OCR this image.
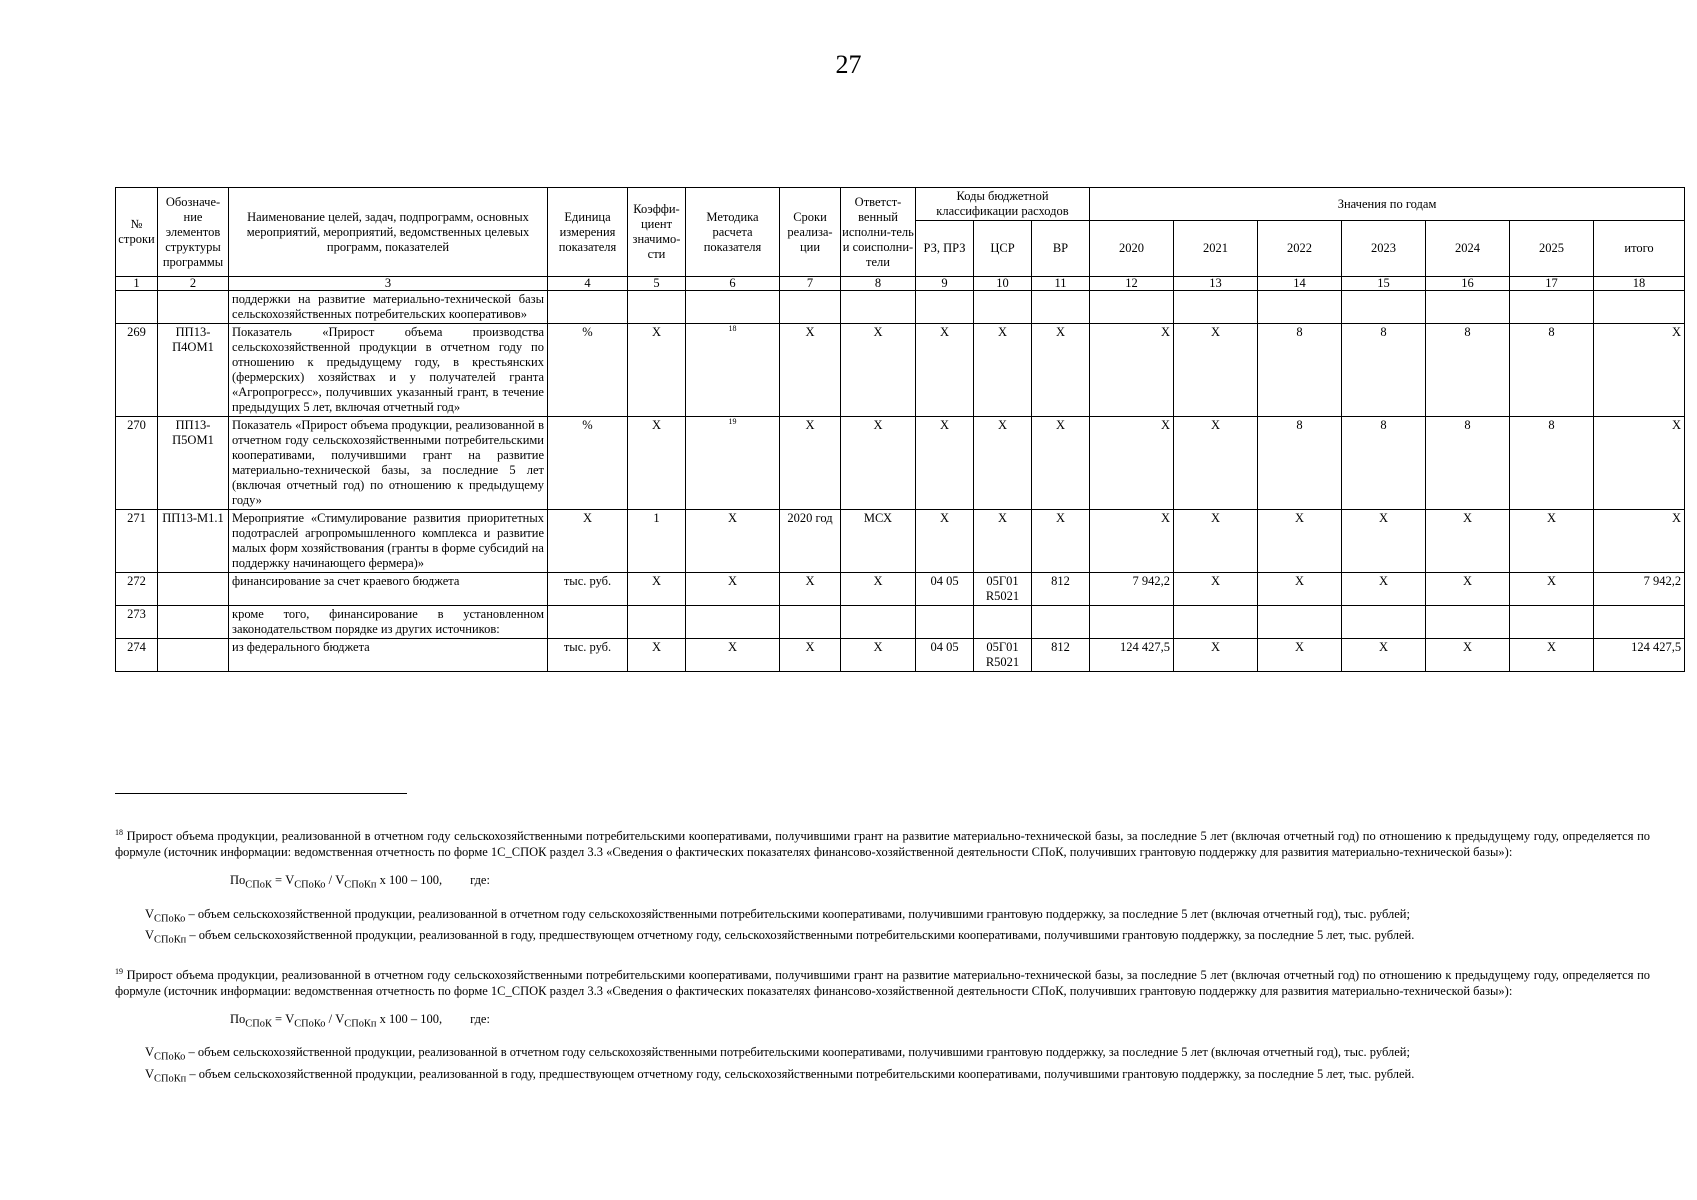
27
№ строки	Обозначе-ние элементов структуры программы	Наименование целей, задач, подпрограмм, основных мероприятий, мероприятий, ведомственных целевых программ, показателей	Единица измерения показателя	Коэффи-циент значимо-сти	Методика расчета показателя	Сроки реализа-ции	Ответст-венный исполни-тель и соисполни-тели	Коды бюджетной классификации расходов			Значения по годам						
								РЗ, ПРЗ	ЦСР	ВР	2020	2021	2022	2023	2024	2025	итого
1	2	3	4	5	6	7	8	9	10	11	12	13	14	15	16	17	18
		поддержки на развитие материально-технической базы сельскохозяйственных потребительских кооперативов»															
269	ПП13-П4ОМ1	Показатель «Прирост объема производства сельскохозяйственной продукции в отчетном году по отношению к предыдущему году, в крестьянских (фермерских) хозяйствах и у получателей гранта «Агропрогресс», получивших указанный грант, в течение предыдущих 5 лет, включая отчетный год»	%	Х	$^{18}$	Х	Х	Х	Х	Х	Х	Х	8	8	8	8	Х
270	ПП13-П5ОМ1	Показатель «Прирост объема продукции, реализованной в отчетном году сельскохозяйственными потребительскими кооперативами, получившими грант на развитие материально-технической базы, за последние 5 лет (включая отчетный год) по отношению к предыдущему году»	%	Х	$^{19}$	Х	Х	Х	Х	Х	Х	Х	8	8	8	8	Х
271	ПП13-М1.1	Мероприятие «Стимулирование развития приоритетных подотраслей агропромышленного комплекса и развитие малых форм хозяйствования (гранты в форме субсидий на поддержку начинающего фермера)»	Х	1	Х	2020 год	МСХ	Х	Х	Х	Х	Х	Х	Х	Х	Х	Х
272		финансирование за счет краевого бюджета	тыс. руб.	Х	Х	Х	Х	04 05	05Г01 R5021	812	7 942,2	Х	Х	Х	Х	Х	7 942,2
273		кроме того, финансирование в установленном законодательством порядке из других источников:															
274		из федерального бюджета	тыс. руб.	Х	Х	Х	Х	04 05	05Г01 R5021	812	124 427,5	Х	Х	Х	Х	Х	124 427,5
$^{18}$ Прирост объема продукции, реализованной в отчетном году сельскохозяйственными потребительскими кооперативами, получившими грант на развитие материально-технической базы, за последние 5 лет (включая отчетный год) по отношению к предыдущему году, определяется по формуле (источник информации: ведомственная отчетность по форме 1С_СПОК раздел 3.3 «Сведения о фактических показателях финансово-хозяйственной деятельности СПоК, получивших грантовую поддержку для развития материально-технической базы»):
$По_{СПоК} = V_{СПоКо} / V_{СПоКп}$ x 100 – 100, где:

$V_{СПоКо}$ – объем сельскохозяйственной продукции, реализованной в отчетном году сельскохозяйственными потребительскими кооперативами, получившими грантовую поддержку, за последние 5 лет (включая отчетный год), тыс. рублей;

$V_{СПоКп}$ – объем сельскохозяйственной продукции, реализованной в году, предшествующем отчетному году, сельскохозяйственными потребительскими кооперативами, получившими грантовую поддержку, за последние 5 лет, тыс. рублей.

$^{19}$ Прирост объема продукции, реализованной в отчетном году сельскохозяйственными потребительскими кооперативами, получившими грант на развитие материально-технической базы, за последние 5 лет (включая отчетный год) по отношению к предыдущему году, определяется по формуле (источник информации: ведомственная отчетность по форме 1С_СПОК раздел 3.3 «Сведения о фактических показателях финансово-хозяйственной деятельности СПоК, получивших грантовую поддержку для развития материально-технической базы»):
$По_{СПоК} = V_{СПоКо} / V_{СПоКп}$ x 100 – 100, где:

$V_{СПоКо}$ – объем сельскохозяйственной продукции, реализованной в отчетном году сельскохозяйственными потребительскими кооперативами, получившими грантовую поддержку, за последние 5 лет (включая отчетный год), тыс. рублей;

$V_{СПоКп}$ – объем сельскохозяйственной продукции, реализованной в году, предшествующем отчетному году, сельскохозяйственными потребительскими кооперативами, получившими грантовую поддержку, за последние 5 лет, тыс. рублей.
